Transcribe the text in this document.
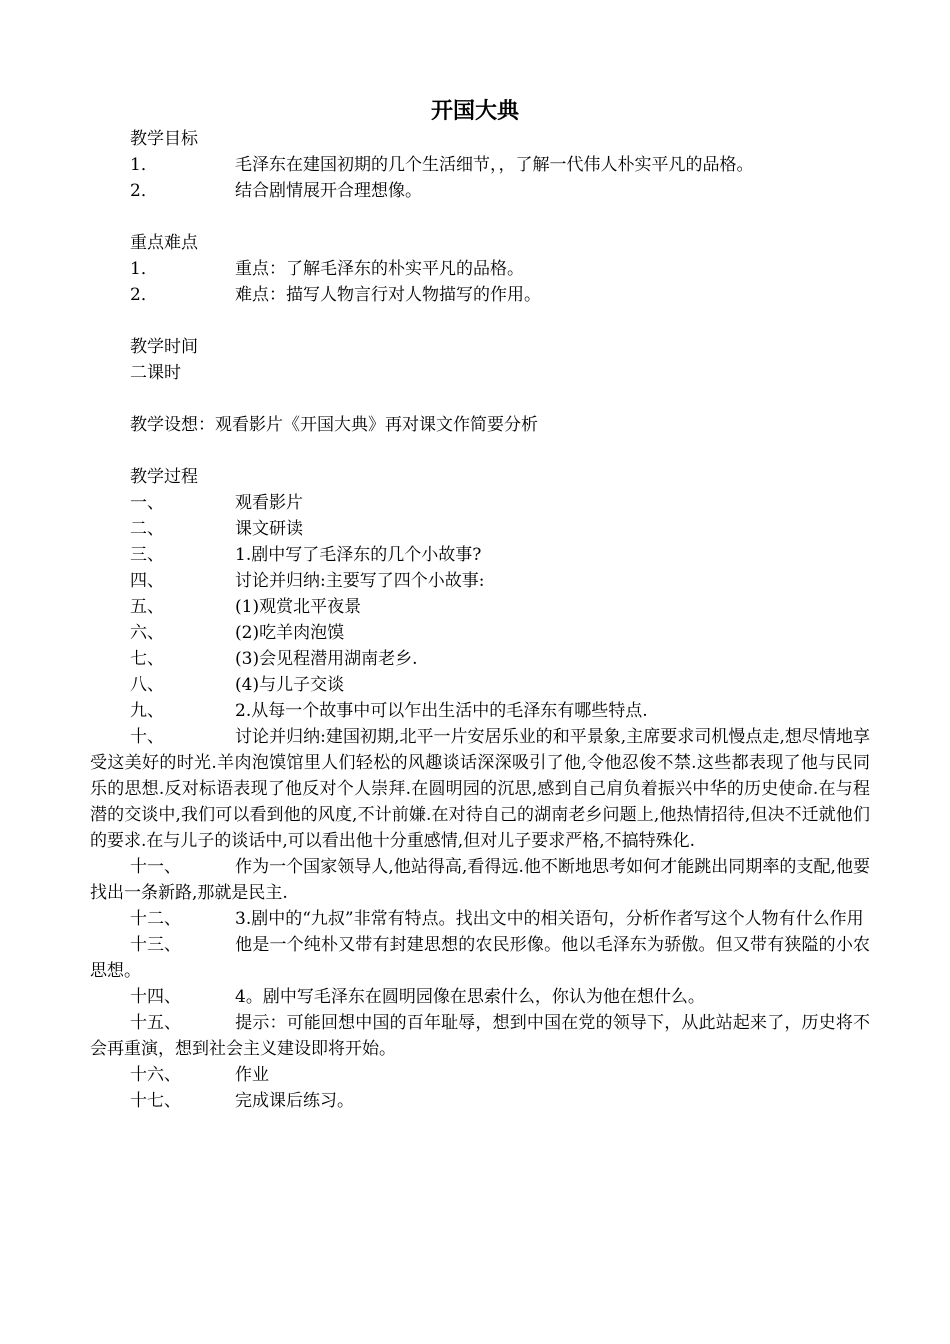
开国大典
教学目标
1．	毛泽东在建国初期的几个生活细节，，了解一代伟人朴实平凡的品格。
2．	结合剧情展开合理想像。
重点难点
1．	重点：了解毛泽东的朴实平凡的品格。
2．	难点：描写人物言行对人物描写的作用。
教学时间
二课时
教学设想：观看影片《开国大典》再对课文作简要分析
教学过程
一、	观看影片
二、	课文研读
三、	1.剧中写了毛泽东的几个小故事?
四、	讨论并归纳:主要写了四个小故事:
五、	(1)观赏北平夜景
六、	(2)吃羊肉泡馍
七、	(3)会见程潜用湖南老乡.
八、	(4)与儿子交谈
九、	2.从每一个故事中可以乍出生活中的毛泽东有哪些特点.
十、	讨论并归纳:建国初期,北平一片安居乐业的和平景象,主席要求司机慢点走,想尽情地享受这美好的时光.羊肉泡馍馆里人们轻松的风趣谈话深深吸引了他,令他忍俊不禁.这些都表现了他与民同乐的思想.反对标语表现了他反对个人崇拜.在圆明园的沉思,感到自己肩负着振兴中华的历史使命.在与程潜的交谈中,我们可以看到他的风度,不计前嫌.在对待自己的湖南老乡问题上,他热情招待,但决不迁就他们的要求.在与儿子的谈话中,可以看出他十分重感情,但对儿子要求严格,不搞特殊化.
十一、	作为一个国家领导人,他站得高,看得远.他不断地思考如何才能跳出同期率的支配,他要找出一条新路,那就是民主.
十二、	3.剧中的“九叔”非常有特点。找出文中的相关语句，分析作者写这个人物有什么作用
十三、	他是一个纯朴又带有封建思想的农民形像。他以毛泽东为骄傲。但又带有狭隘的小农思想。
十四、	4。剧中写毛泽东在圆明园像在思索什么，你认为他在想什么。
十五、	提示：可能回想中国的百年耻辱，想到中国在党的领导下，从此站起来了，历史将不会再重演，想到社会主义建设即将开始。
十六、	作业
十七、	完成课后练习。
